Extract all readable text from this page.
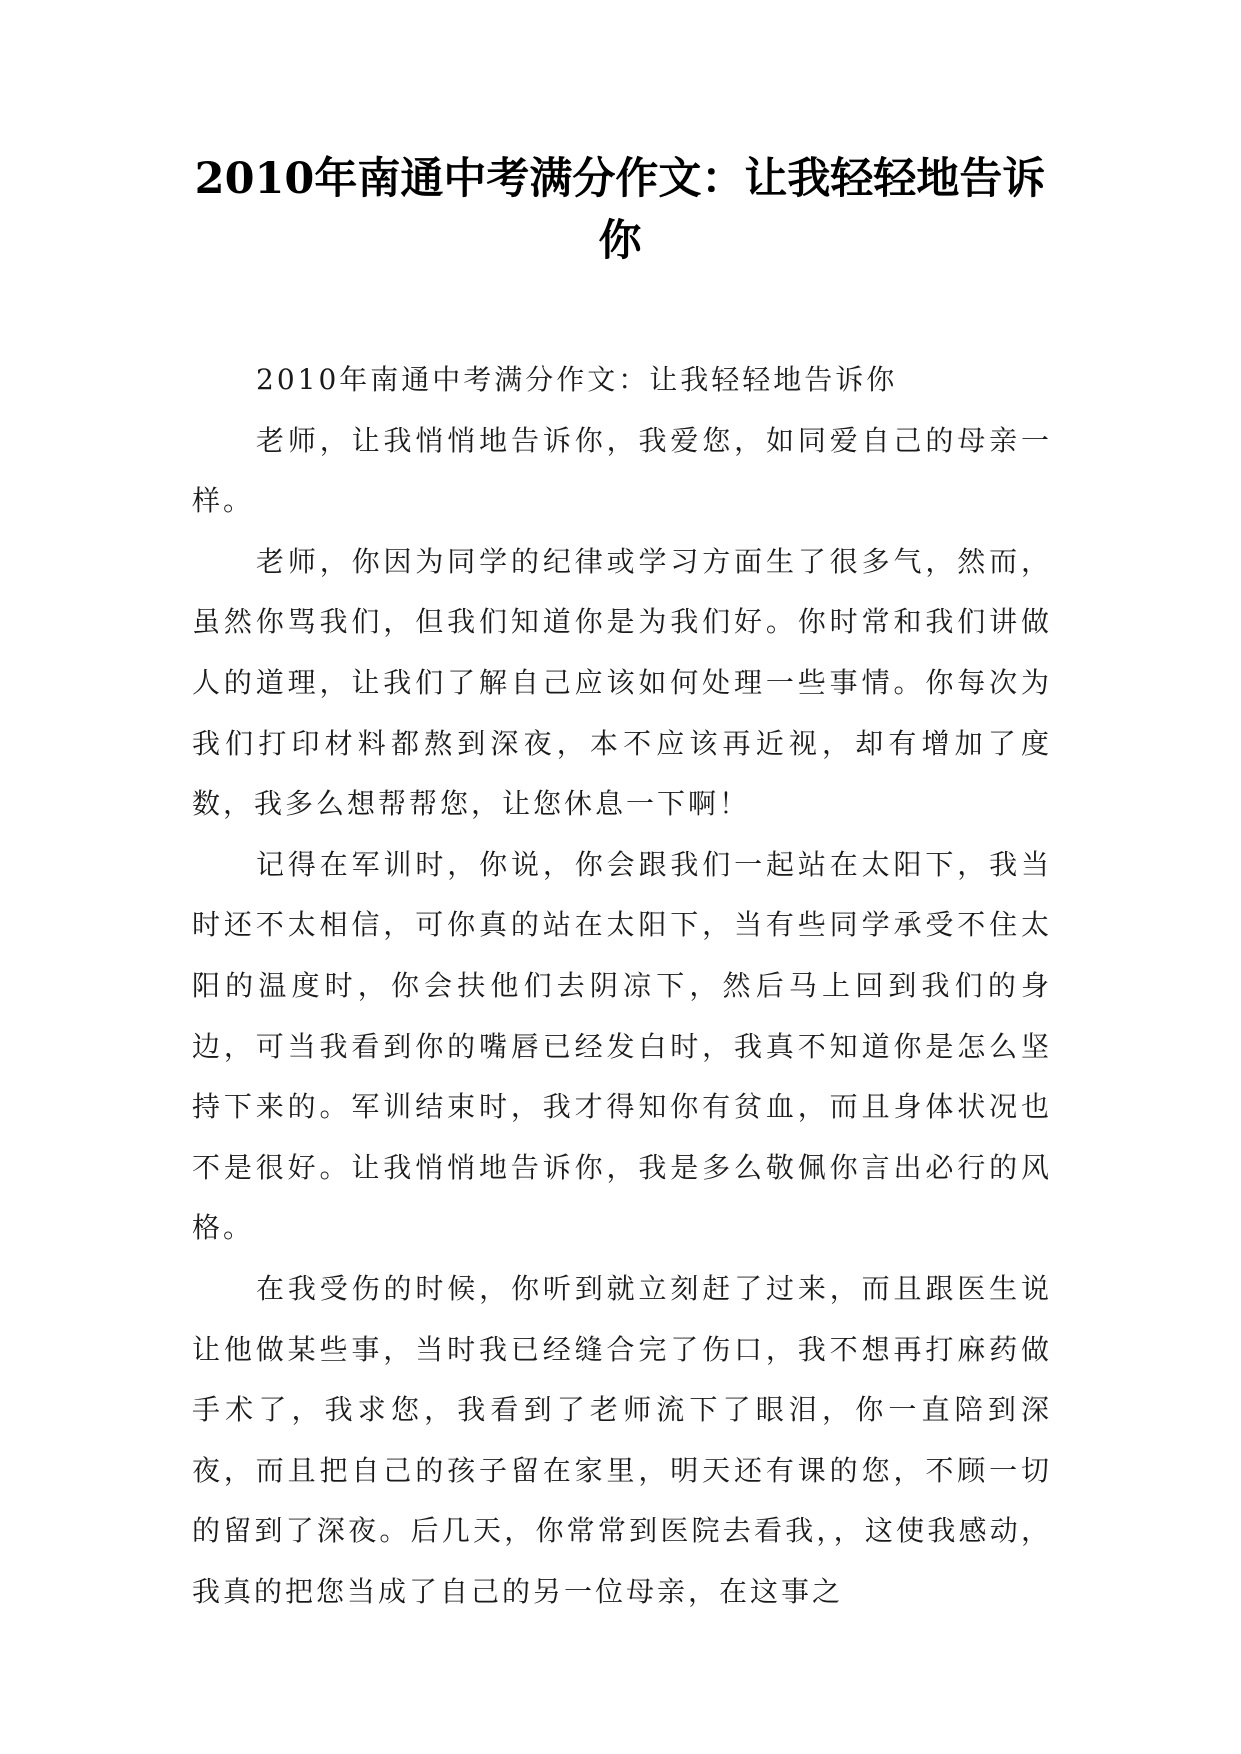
2010年南通中考满分作文：让我轻轻地告诉你

2010年南通中考满分作文：让我轻轻地告诉你

老师，让我悄悄地告诉你，我爱您，如同爱自己的母亲一样。

老师，你因为同学的纪律或学习方面生了很多气，然而，虽然你骂我们，但我们知道你是为我们好。你时常和我们讲做人的道理，让我们了解自己应该如何处理一些事情。你每次为我们打印材料都熬到深夜，本不应该再近视，却有增加了度数，我多么想帮帮您，让您休息一下啊！

记得在军训时，你说，你会跟我们一起站在太阳下，我当时还不太相信，可你真的站在太阳下，当有些同学承受不住太阳的温度时，你会扶他们去阴凉下，然后马上回到我们的身边，可当我看到你的嘴唇已经发白时，我真不知道你是怎么坚持下来的。军训结束时，我才得知你有贫血，而且身体状况也不是很好。让我悄悄地告诉你，我是多么敬佩你言出必行的风格。

在我受伤的时候，你听到就立刻赶了过来，而且跟医生说让他做某些事，当时我已经缝合完了伤口，我不想再打麻药做手术了，我求您，我看到了老师流下了眼泪，你一直陪到深夜，而且把自己的孩子留在家里，明天还有课的您，不顾一切的留到了深夜。后几天，你常常到医院去看我，，这使我感动，我真的把您当成了自己的另一位母亲，在这事之
